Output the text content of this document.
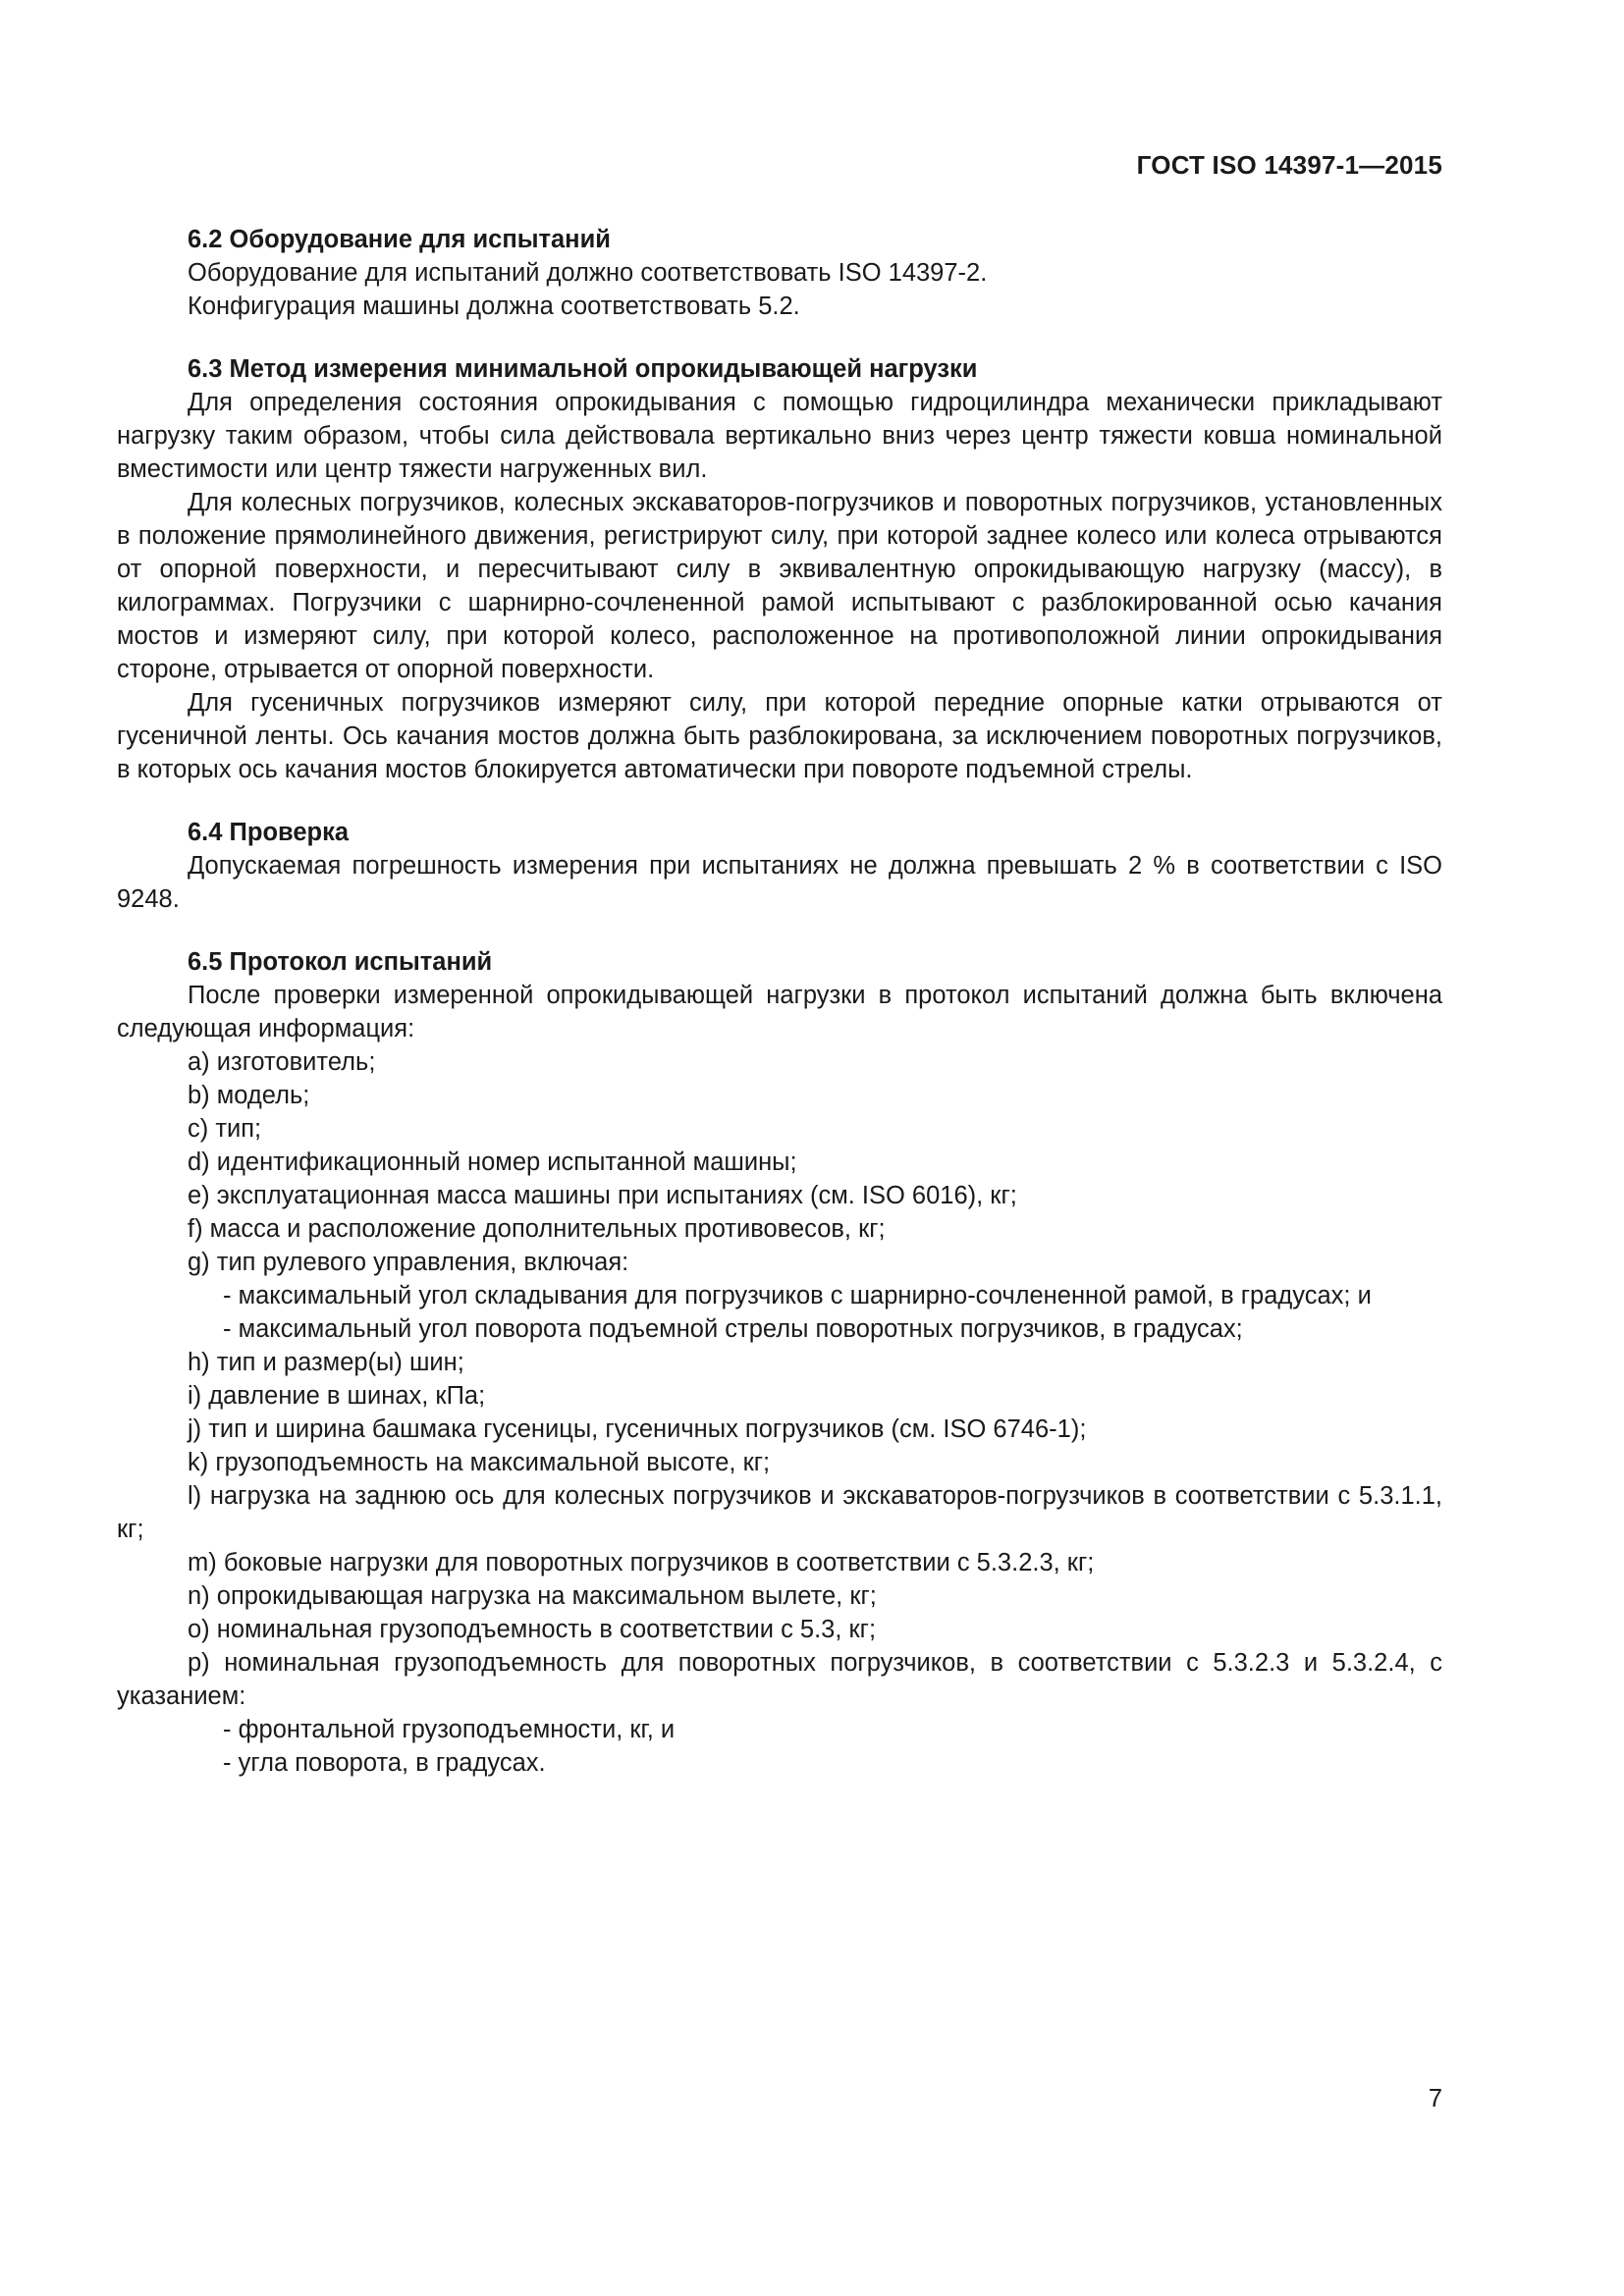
ГОСТ ISO 14397-1—2015
6.2 Оборудование для испытаний

Оборудование для испытаний должно соответствовать ISO 14397-2.

Конфигурация машины должна соответствовать 5.2.

6.3 Метод измерения минимальной опрокидывающей нагрузки

Для определения состояния опрокидывания с помощью гидроцилиндра механически прикладывают нагрузку таким образом, чтобы сила действовала вертикально вниз через центр тяжести ковша номинальной вместимости или центр тяжести нагруженных вил.

Для колесных погрузчиков, колесных экскаваторов-погрузчиков и поворотных погрузчиков, установленных в положение прямолинейного движения, регистрируют силу, при которой заднее колесо или колеса отрываются от опорной поверхности, и пересчитывают силу в эквивалентную опрокидывающую нагрузку (массу), в килограммах. Погрузчики с шарнирно-сочлененной рамой испытывают с разблокированной осью качания мостов и измеряют силу, при которой колесо, расположенное на противоположной линии опрокидывания стороне, отрывается от опорной поверхности.

Для гусеничных погрузчиков измеряют силу, при которой передние опорные катки отрываются от гусеничной ленты. Ось качания мостов должна быть разблокирована, за исключением поворотных погрузчиков, в которых ось качания мостов блокируется автоматически при повороте подъемной стрелы.

6.4 Проверка

Допускаемая погрешность измерения при испытаниях не должна превышать 2 % в соответствии с ISO 9248.

6.5 Протокол испытаний

После проверки измеренной опрокидывающей нагрузки в протокол испытаний должна быть включена следующая информация:

a) изготовитель;

b) модель;

c) тип;

d) идентификационный номер испытанной машины;

e) эксплуатационная масса машины при испытаниях (см. ISO 6016), кг;

f) масса и расположение дополнительных противовесов, кг;

g) тип рулевого управления, включая:

- максимальный угол складывания для погрузчиков с шарнирно-сочлененной рамой, в градусах; и

- максимальный угол поворота подъемной стрелы поворотных погрузчиков, в градусах;

h) тип и размер(ы) шин;

i) давление в шинах, кПа;

j) тип и ширина башмака гусеницы, гусеничных погрузчиков (см. ISO 6746-1);

k) грузоподъемность на максимальной высоте, кг;

l) нагрузка на заднюю ось для колесных погрузчиков и экскаваторов-погрузчиков в соответствии с 5.3.1.1, кг;

m) боковые нагрузки для поворотных погрузчиков в соответствии с 5.3.2.3, кг;

n) опрокидывающая нагрузка на максимальном вылете, кг;

o) номинальная грузоподъемность в соответствии с 5.3, кг;

p) номинальная грузоподъемность для поворотных погрузчиков, в соответствии с 5.3.2.3 и 5.3.2.4, с указанием:

- фронтальной грузоподъемности, кг, и

- угла поворота, в градусах.

7
